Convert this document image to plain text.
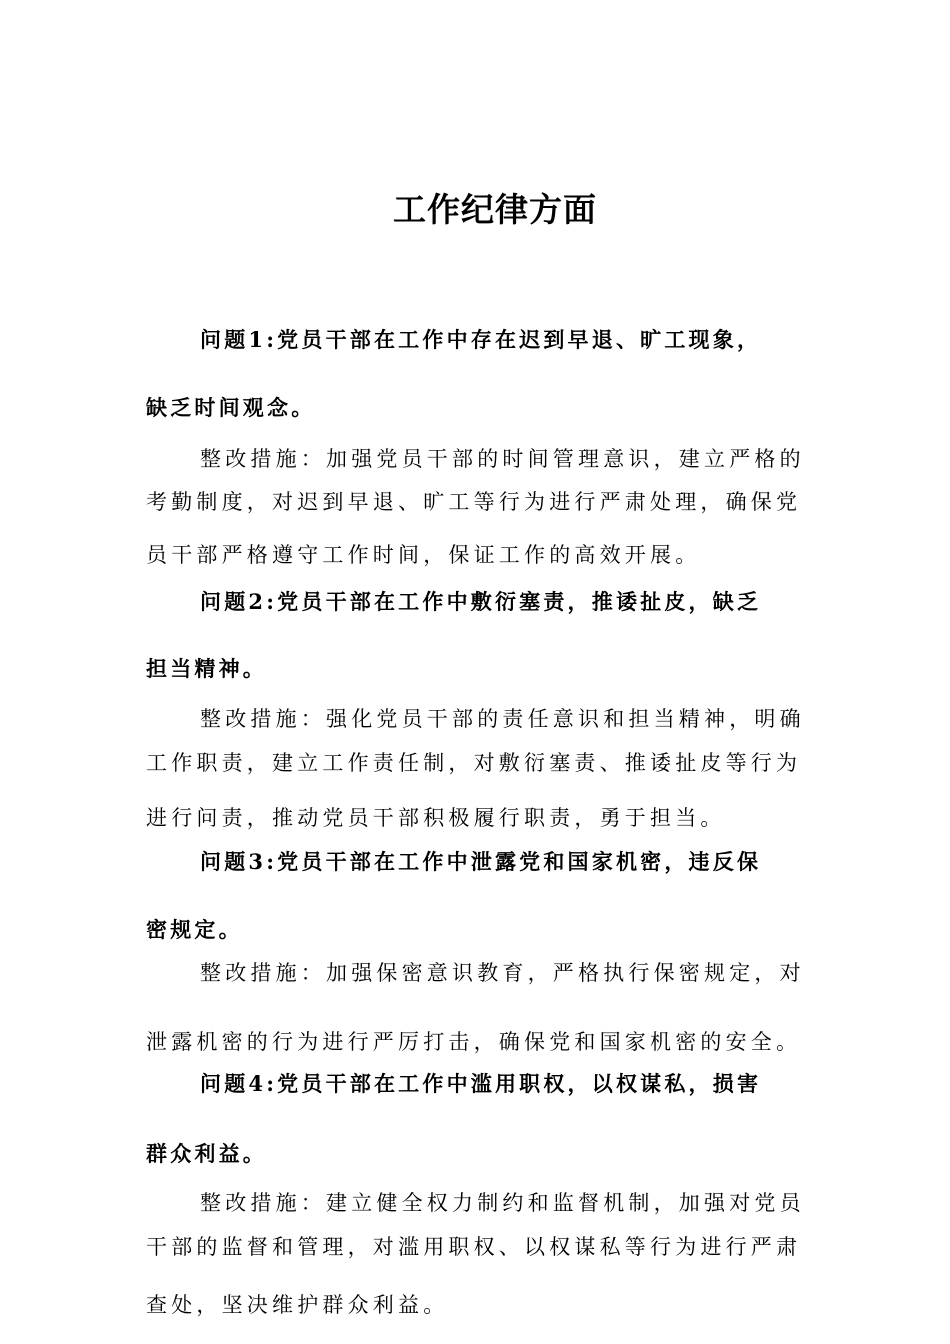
工作纪律方面
问题1:党员干部在工作中存在迟到早退、旷工现象，
缺乏时间观念。
整改措施：加强党员干部的时间管理意识，建立严格的
考勤制度，对迟到早退、旷工等行为进行严肃处理，确保党
员干部严格遵守工作时间，保证工作的高效开展。
问题2:党员干部在工作中敷衍塞责，推诿扯皮，缺乏
担当精神。
整改措施：强化党员干部的责任意识和担当精神，明确
工作职责，建立工作责任制，对敷衍塞责、推诿扯皮等行为
进行问责，推动党员干部积极履行职责，勇于担当。
问题3:党员干部在工作中泄露党和国家机密，违反保
密规定。
整改措施：加强保密意识教育，严格执行保密规定，对
泄露机密的行为进行严厉打击，确保党和国家机密的安全。
问题4:党员干部在工作中滥用职权，以权谋私，损害
群众利益。
整改措施：建立健全权力制约和监督机制，加强对党员
干部的监督和管理，对滥用职权、以权谋私等行为进行严肃
查处，坚决维护群众利益。
